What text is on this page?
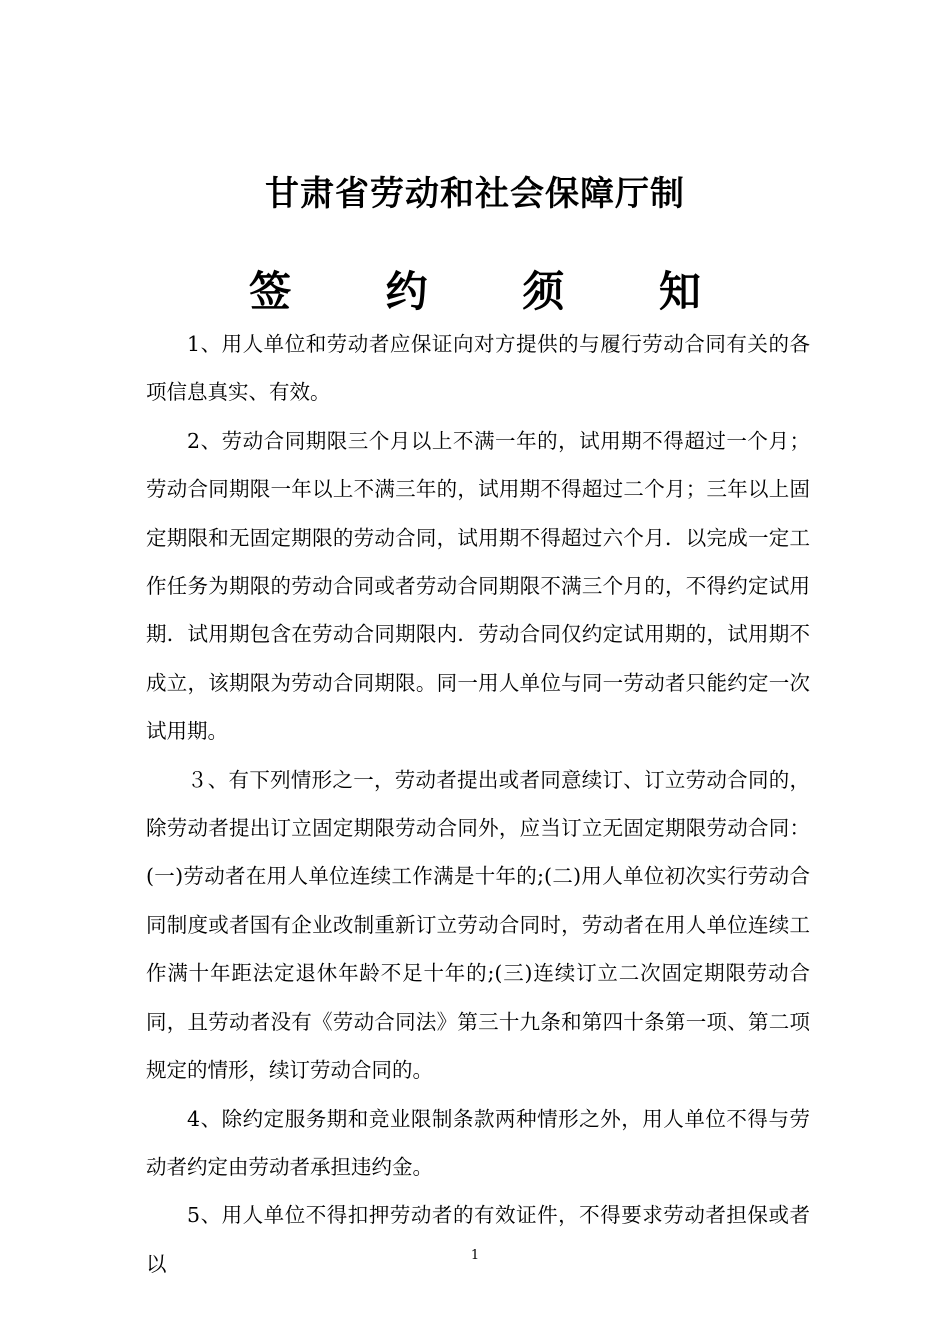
甘肃省劳动和社会保障厅制
签 约 须 知

1、用人单位和劳动者应保证向对方提供的与履行劳动合同有关的各项信息真实、有效。

2、劳动合同期限三个月以上不满一年的，试用期不得超过一个月；劳动合同期限一年以上不满三年的，试用期不得超过二个月；三年以上固定期限和无固定期限的劳动合同，试用期不得超过六个月．以完成一定工作任务为期限的劳动合同或者劳动合同期限不满三个月的，不得约定试用期．试用期包含在劳动合同期限内．劳动合同仅约定试用期的，试用期不成立，该期限为劳动合同期限。同一用人单位与同一劳动者只能约定一次试用期。

３、有下列情形之一，劳动者提出或者同意续订、订立劳动合同的，除劳动者提出订立固定期限劳动合同外，应当订立无固定期限劳动合同：(一)劳动者在用人单位连续工作满是十年的;(二)用人单位初次实行劳动合同制度或者国有企业改制重新订立劳动合同时，劳动者在用人单位连续工作满十年距法定退休年龄不足十年的;(三)连续订立二次固定期限劳动合同，且劳动者没有《劳动合同法》第三十九条和第四十条第一项、第二项规定的情形，续订劳动合同的。

4、除约定服务期和竞业限制条款两种情形之外，用人单位不得与劳动者约定由劳动者承担违约金。

5、用人单位不得扣押劳动者的有效证件，不得要求劳动者担保或者以	1
